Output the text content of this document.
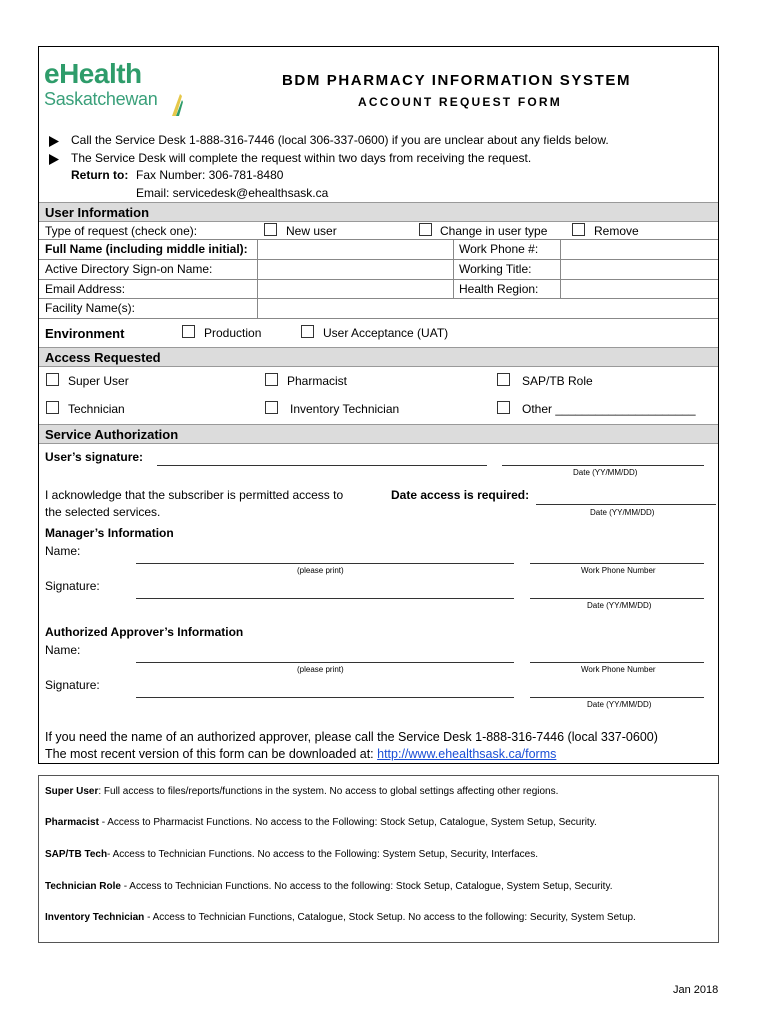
eHealth
Saskatchewan
BDM PHARMACY INFORMATION SYSTEM
ACCOUNT REQUEST FORM
Call the Service Desk 1-888-316-7446 (local 306-337-0600) if you are unclear about any fields below.
The Service Desk will complete the request within two days from receiving the request.
Return to: Fax Number: 306-781-8480
Email: servicedesk@ehealthsask.ca
User Information
Type of request (check one):	New user	Change in user type	Remove
Full Name (including middle initial):	Work Phone #:
Active Directory Sign-on Name:	Working Title:
Email Address:	Health Region:
Facility Name(s):
Environment	Production	User Acceptance (UAT)
Access Requested
Super User	Pharmacist	SAP/TB Role
Technician	Inventory Technician	Other _____________________
Service Authorization
User’s signature:
Date (YY/MM/DD)
I acknowledge that the subscriber is permitted access to
the selected services.
Date access is required:
Date (YY/MM/DD)
Manager’s Information
Name:
(please print)	Work Phone Number
Signature:
Date (YY/MM/DD)
Authorized Approver’s Information
Name:
(please print)	Work Phone Number
Signature:
Date (YY/MM/DD)
If you need the name of an authorized approver, please call the Service Desk 1-888-316-7446 (local 337-0600)
The most recent version of this form can be downloaded at: http://www.ehealthsask.ca/forms
Super User: Full access to files/reports/functions in the system. No access to global settings affecting other regions.
Pharmacist - Access to Pharmacist Functions. No access to the Following: Stock Setup, Catalogue, System Setup, Security.
SAP/TB Tech- Access to Technician Functions. No access to the Following: System Setup, Security, Interfaces.
Technician Role - Access to Technician Functions. No access to the following: Stock Setup, Catalogue, System Setup, Security.
Inventory Technician - Access to Technician Functions, Catalogue, Stock Setup. No access to the following: Security, System Setup.
Jan 2018
